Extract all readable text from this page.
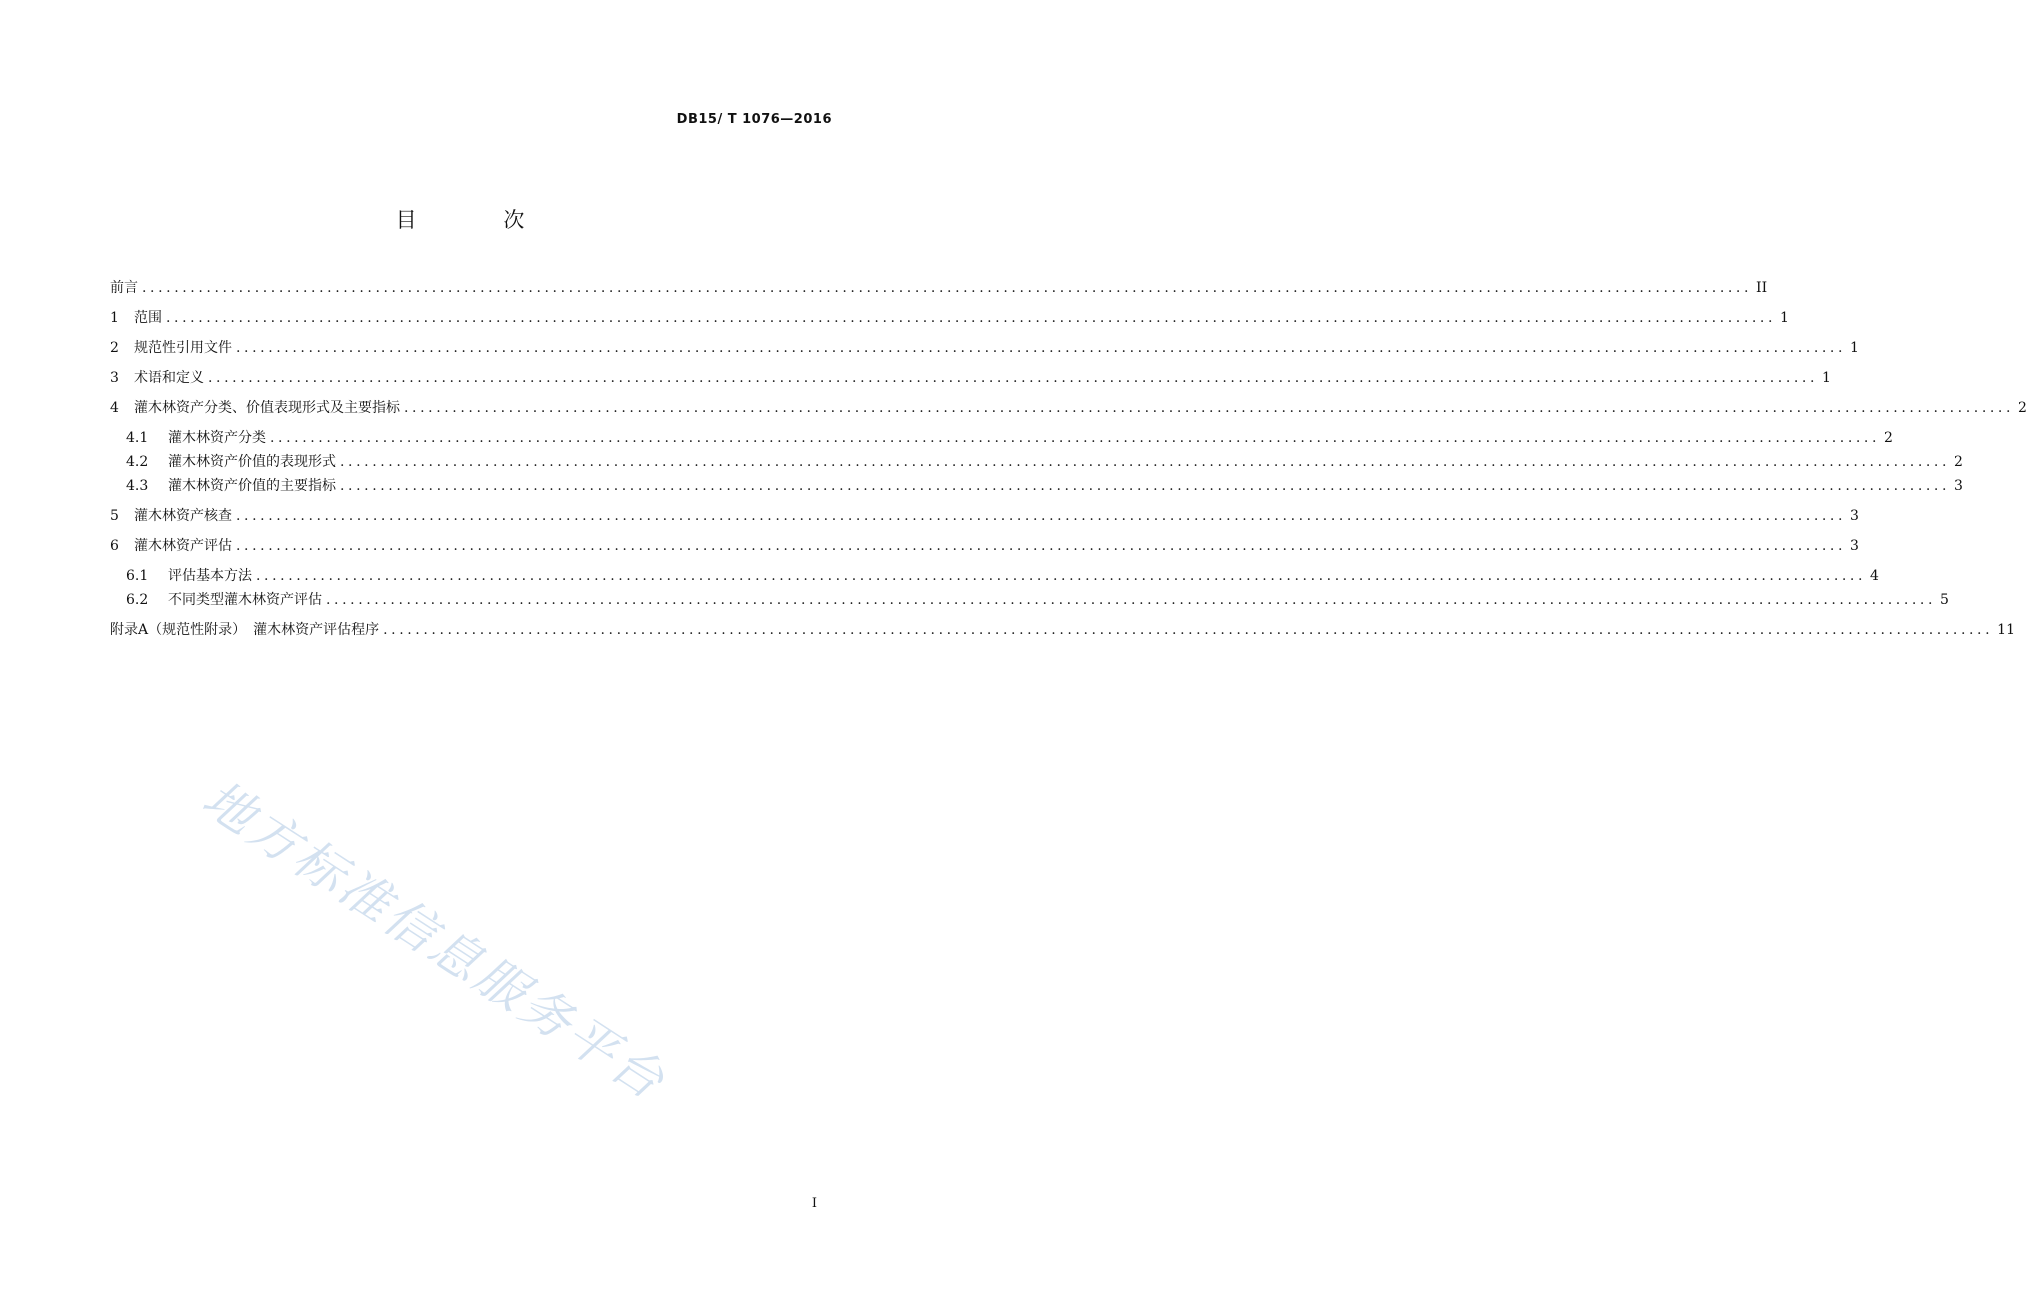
DB15/ T 1076—2016
目 次
前言 ........................................................................................................................................................................................................ II
1	范围 ........................................................................................................................................................................................................ 1
2	规范性引用文件 ........................................................................................................................................................................................................ 1
3	术语和定义 ........................................................................................................................................................................................................ 1
4	灌木林资产分类、价值表现形式及主要指标 ........................................................................................................................................................................................................ 2
4.1	灌木林资产分类 ........................................................................................................................................................................................................ 2
4.2	灌木林资产价值的表现形式 ........................................................................................................................................................................................................ 2
4.3	灌木林资产价值的主要指标 ........................................................................................................................................................................................................ 3
5	灌木林资产核查 ........................................................................................................................................................................................................ 3
6	灌木林资产评估 ........................................................................................................................................................................................................ 3
6.1	评估基本方法 ........................................................................................................................................................................................................ 4
6.2	不同类型灌木林资产评估 ........................................................................................................................................................................................................ 5
附录A（规范性附录）　灌木林资产评估程序 ........................................................................................................................................................................................................ 11
地方标准信息服务平台
I
